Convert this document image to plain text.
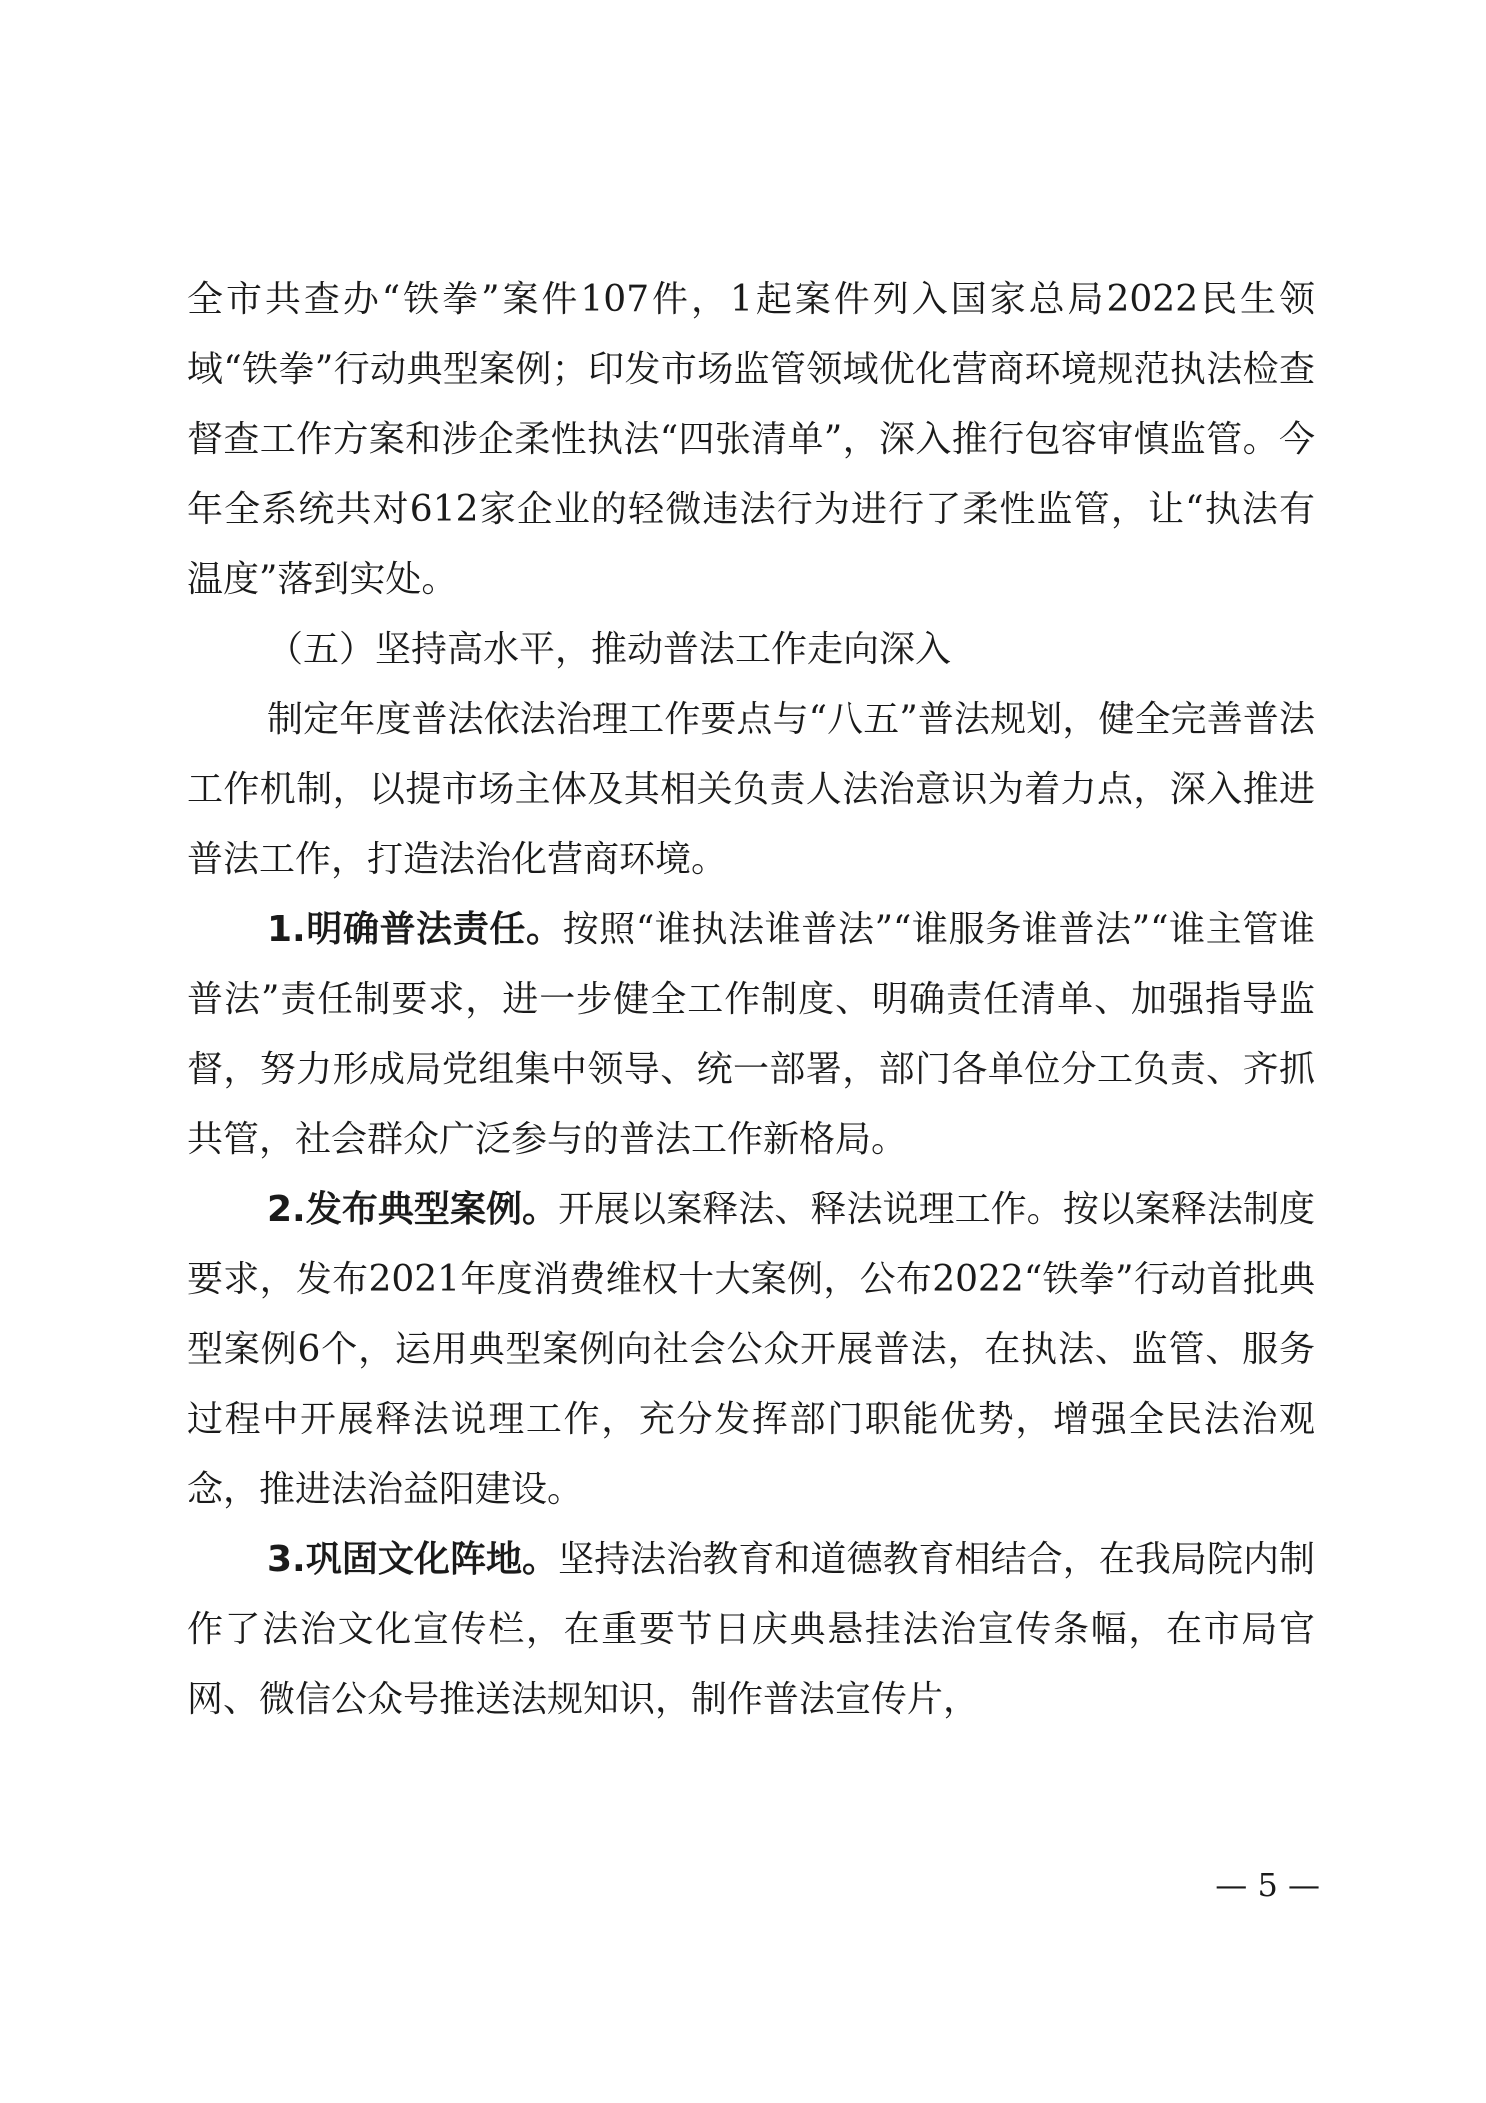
全市共查办“铁拳”案件107件，1起案件列入国家总局2022民生领域“铁拳”行动典型案例；印发市场监管领域优化营商环境规范执法检查督查工作方案和涉企柔性执法“四张清单”，深入推行包容审慎监管。今年全系统共对612家企业的轻微违法行为进行了柔性监管，让“执法有温度”落到实处。

（五）坚持高水平，推动普法工作走向深入

制定年度普法依法治理工作要点与“八五”普法规划，健全完善普法工作机制，以提市场主体及其相关负责人法治意识为着力点，深入推进普法工作，打造法治化营商环境。

1.明确普法责任。按照“谁执法谁普法”“谁服务谁普法”“谁主管谁普法”责任制要求，进一步健全工作制度、明确责任清单、加强指导监督，努力形成局党组集中领导、统一部署，部门各单位分工负责、齐抓共管，社会群众广泛参与的普法工作新格局。

2.发布典型案例。开展以案释法、释法说理工作。按以案释法制度要求，发布2021年度消费维权十大案例，公布2022“铁拳”行动首批典型案例6个，运用典型案例向社会公众开展普法，在执法、监管、服务过程中开展释法说理工作，充分发挥部门职能优势，增强全民法治观念，推进法治益阳建设。

3.巩固文化阵地。坚持法治教育和道德教育相结合，在我局院内制作了法治文化宣传栏，在重要节日庆典悬挂法治宣传条幅，在市局官网、微信公众号推送法规知识，制作普法宣传片，

— 5 —
